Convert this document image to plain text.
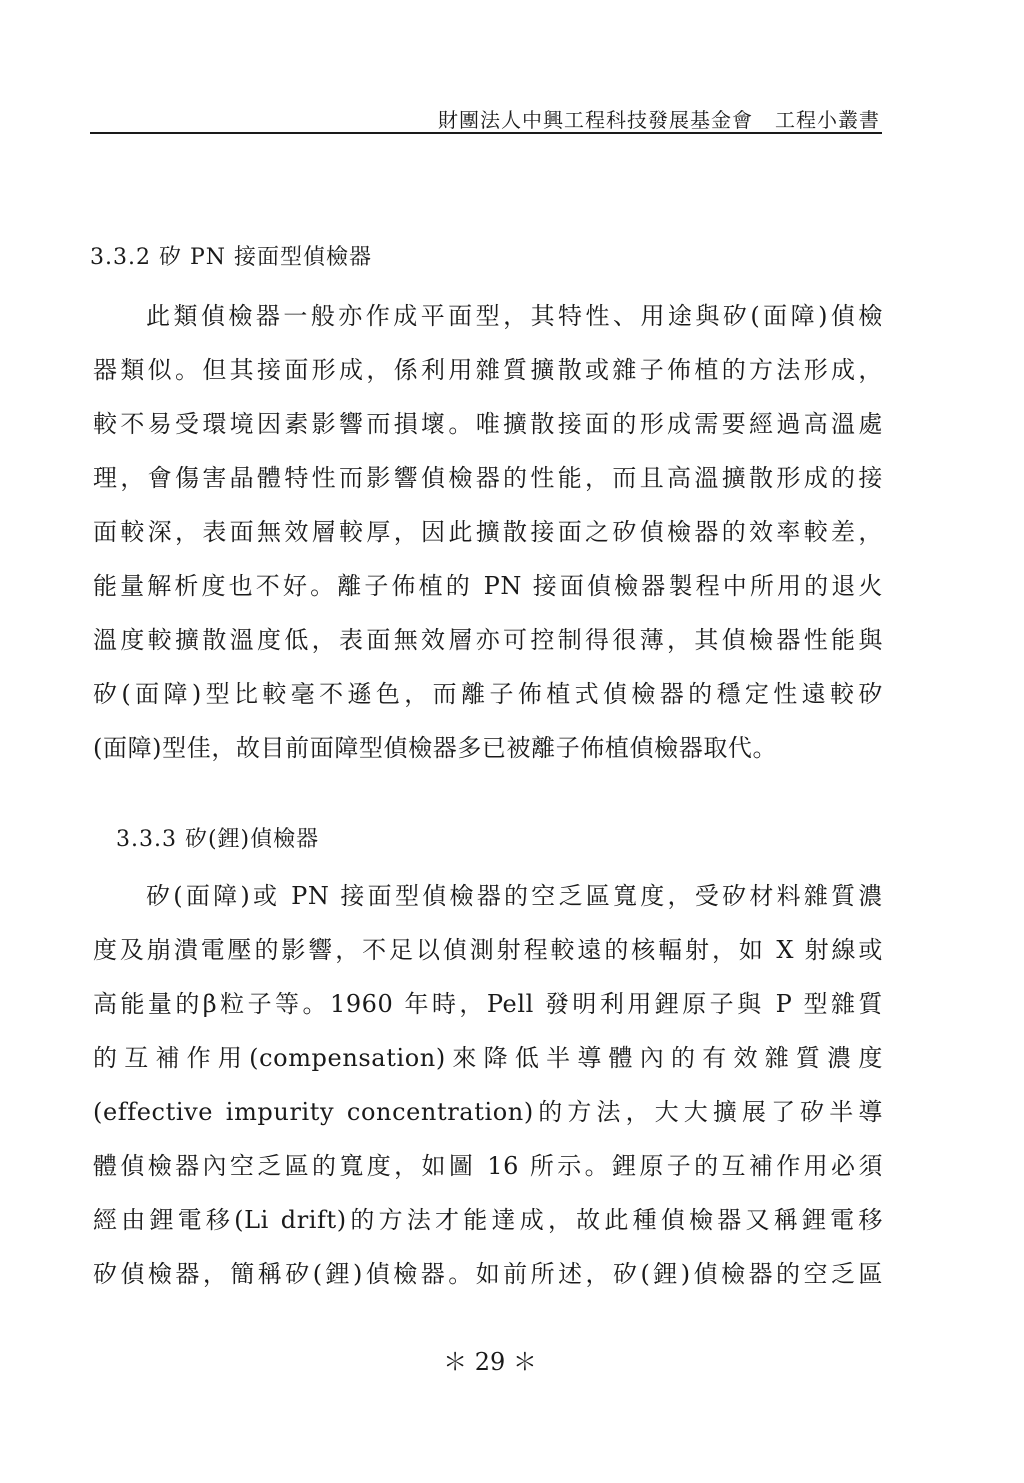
財團法人中興工程科技發展基金會 工程小叢書
3.3.2 矽 PN 接面型偵檢器
此類偵檢器一般亦作成平面型，其特性、用途與矽(面障)偵檢
器類似。但其接面形成，係利用雜質擴散或雜子佈植的方法形成，
較不易受環境因素影響而損壞。唯擴散接面的形成需要經過高溫處
理，會傷害晶體特性而影響偵檢器的性能，而且高溫擴散形成的接
面較深，表面無效層較厚，因此擴散接面之矽偵檢器的效率較差，
能量解析度也不好。離子佈植的 PN 接面偵檢器製程中所用的退火
溫度較擴散溫度低，表面無效層亦可控制得很薄，其偵檢器性能與
矽(面障)型比較毫不遜色，而離子佈植式偵檢器的穩定性遠較矽
(面障)型佳，故目前面障型偵檢器多已被離子佈植偵檢器取代。
3.3.3 矽(鋰)偵檢器
矽(面障)或 PN 接面型偵檢器的空乏區寬度，受矽材料雜質濃
度及崩潰電壓的影響，不足以偵測射程較遠的核輻射，如 X 射線或
高能量的β粒子等。1960 年時，Pell 發明利用鋰原子與 P 型雜質
的互補作用(compensation)來降低半導體內的有效雜質濃度
(effective impurity concentration)的方法，大大擴展了矽半導
體偵檢器內空乏區的寬度，如圖 16 所示。鋰原子的互補作用必須
經由鋰電移(Li drift)的方法才能達成，故此種偵檢器又稱鋰電移
矽偵檢器，簡稱矽(鋰)偵檢器。如前所述，矽(鋰)偵檢器的空乏區
＊ 29 ＊
